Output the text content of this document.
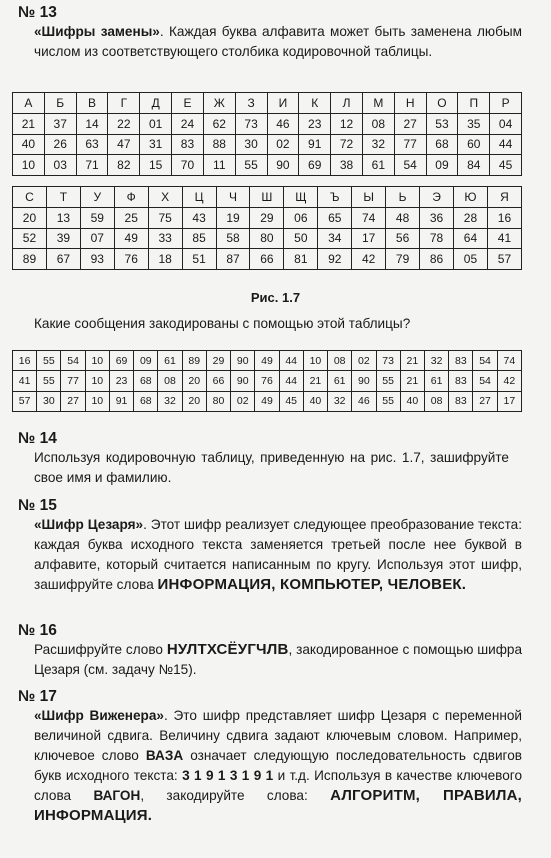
№ 13
«Шифры замены». Каждая буква алфавита может быть заменена любым числом из соответствующего столбика кодировочной таблицы.
А	Б	В	Г	Д	Е	Ж	З	И	К	Л	М	Н	О	П	Р
21	37	14	22	01	24	62	73	46	23	12	08	27	53	35	04
40	26	63	47	31	83	88	30	02	91	72	32	77	68	60	44
10	03	71	82	15	70	11	55	90	69	38	61	54	09	84	45
С	Т	У	Ф	Х	Ц	Ч	Ш	Щ	Ъ	Ы	Ь	Э	Ю	Я
20	13	59	25	75	43	19	29	06	65	74	48	36	28	16
52	39	07	49	33	85	58	80	50	34	17	56	78	64	41
89	67	93	76	18	51	87	66	81	92	42	79	86	05	57
Рис. 1.7
Какие сообщения закодированы с помощью этой таблицы?
16	55	54	10	69	09	61	89	29	90	49	44	10	08	02	73	21	32	83	54	74
41	55	77	10	23	68	08	20	66	90	76	44	21	61	90	55	21	61	83	54	42
57	30	27	10	91	68	32	20	80	02	49	45	40	32	46	55	40	08	83	27	17
№ 14
Используя кодировочную таблицу, приведенную на рис. 1.7, зашифруйте свое имя и фамилию.
№ 15
«Шифр Цезаря». Этот шифр реализует следующее преобразование текста: каждая буква исходного текста заменяется третьей после нее буквой в алфавите, который считается написанным по кругу. Используя этот шифр, зашифруйте слова ИНФОРМАЦИЯ, КОМПЬЮТЕР, ЧЕЛОВЕК.
№ 16
Расшифруйте слово НУЛТХСЁУГЧЛВ, закодированное с помощью шифра Цезаря (см. задачу №15).
№ 17
«Шифр Виженера». Это шифр представляет шифр Цезаря с переменной величиной сдвига. Величину сдвига задают ключевым словом. Например, ключевое слово ВАЗА означает следующую последовательность сдвигов букв исходного текста: 3 1 9 1 3 1 9 1 и т.д. Используя в качестве ключевого слова ВАГОН, закодируйте слова: АЛГОРИТМ, ПРАВИЛА, ИНФОРМАЦИЯ.
